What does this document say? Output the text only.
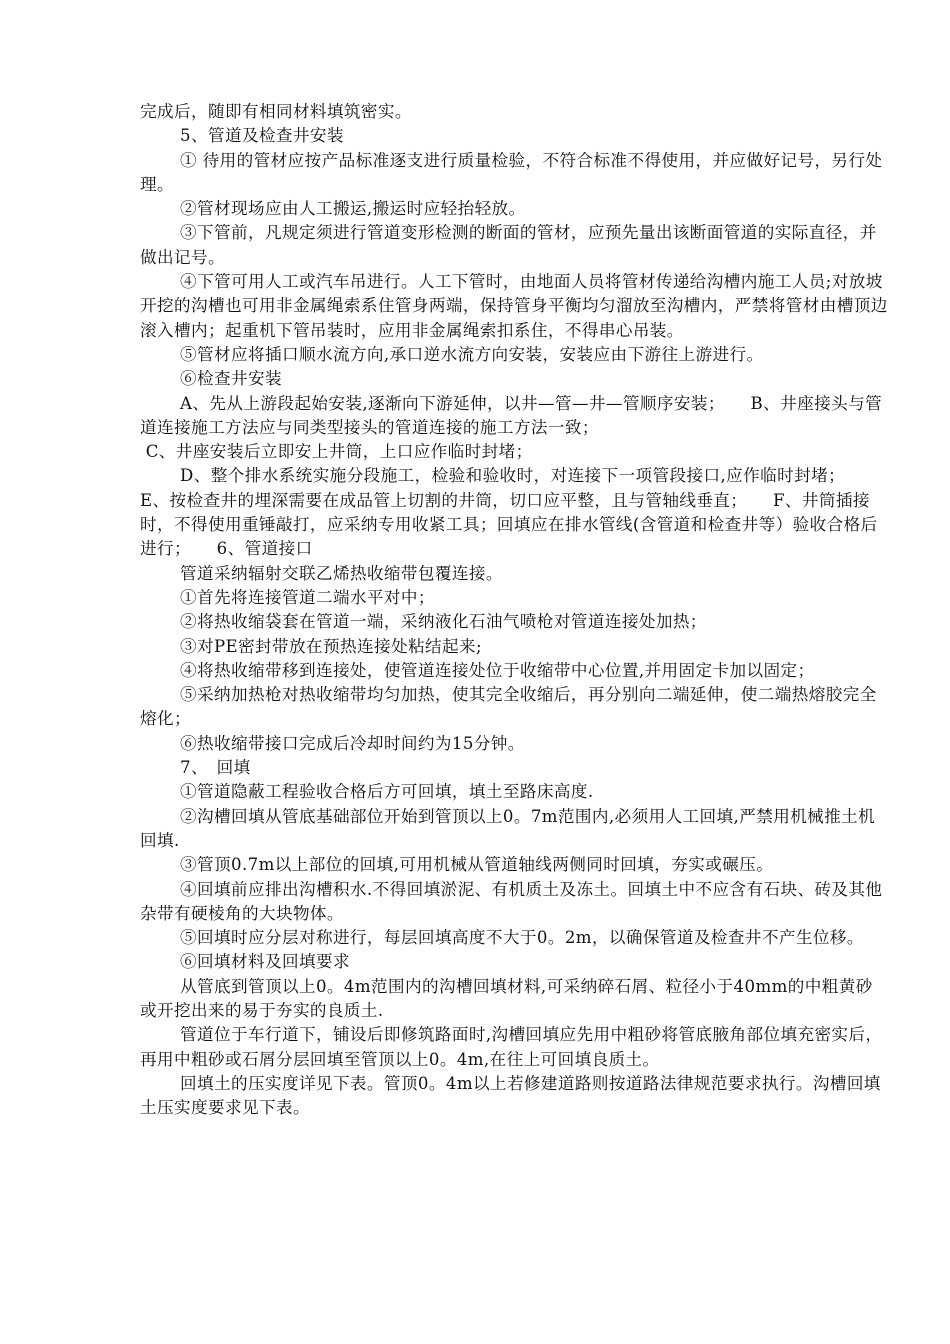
完成后，随即有相同材料填筑密实。

5、管道及检查井安装

① 待用的管材应按产品标准逐支进行质量检验，不符合标准不得使用，并应做好记号，另行处理。

②管材现场应由人工搬运,搬运时应轻抬轻放。

③下管前，凡规定须进行管道变形检测的断面的管材，应预先量出该断面管道的实际直径，并做出记号。

④下管可用人工或汽车吊进行。人工下管时，由地面人员将管材传递给沟槽内施工人员;对放坡开挖的沟槽也可用非金属绳索系住管身两端，保持管身平衡均匀溜放至沟槽内，严禁将管材由槽顶边滚入槽内；起重机下管吊装时，应用非金属绳索扣系住，不得串心吊装。

⑤管材应将插口顺水流方向,承口逆水流方向安装，安装应由下游往上游进行。

⑥检查井安装

A、先从上游段起始安装,逐渐向下游延伸，以井—管—井—管顺序安装；　　B、井座接头与管道连接施工方法应与同类型接头的管道连接的施工方法一致；

C、井座安装后立即安上井筒，上口应作临时封堵；

D、整个排水系统实施分段施工，检验和验收时，对连接下一项管段接口,应作临时封堵；　　E、按检查井的埋深需要在成品管上切割的井筒，切口应平整，且与管轴线垂直；　　F、井筒插接时，不得使用重锤敲打，应采纳专用收紧工具；回填应在排水管线(含管道和检查井等）验收合格后进行；　　6、管道接口

管道采纳辐射交联乙烯热收缩带包覆连接。

①首先将连接管道二端水平对中；

②将热收缩袋套在管道一端，采纳液化石油气喷枪对管道连接处加热；

③对PE密封带放在预热连接处粘结起来;

④将热收缩带移到连接处，使管道连接处位于收缩带中心位置,并用固定卡加以固定；

⑤采纳加热枪对热收缩带均匀加热，使其完全收缩后，再分别向二端延伸，使二端热熔胶完全熔化；

⑥热收缩带接口完成后冷却时间约为15分钟。

7、　回填

①管道隐蔽工程验收合格后方可回填，填土至路床高度.

②沟槽回填从管底基础部位开始到管顶以上0。7m范围内,必须用人工回填,严禁用机械推土机回填.

③管顶0.7m以上部位的回填,可用机械从管道轴线两侧同时回填，夯实或碾压。

④回填前应排出沟槽积水.不得回填淤泥、有机质土及冻土。回填土中不应含有石块、砖及其他杂带有硬棱角的大块物体。

⑤回填时应分层对称进行，每层回填高度不大于0。2m，以确保管道及检查井不产生位移。

⑥回填材料及回填要求

从管底到管顶以上0。4m范围内的沟槽回填材料,可采纳碎石屑、粒径小于40mm的中粗黄砂或开挖出来的易于夯实的良质土.

管道位于车行道下，铺设后即修筑路面时,沟槽回填应先用中粗砂将管底腋角部位填充密实后，再用中粗砂或石屑分层回填至管顶以上0。4m,在往上可回填良质土。

回填土的压实度详见下表。管顶0。4m以上若修建道路则按道路法律规范要求执行。沟槽回填土压实度要求见下表。
